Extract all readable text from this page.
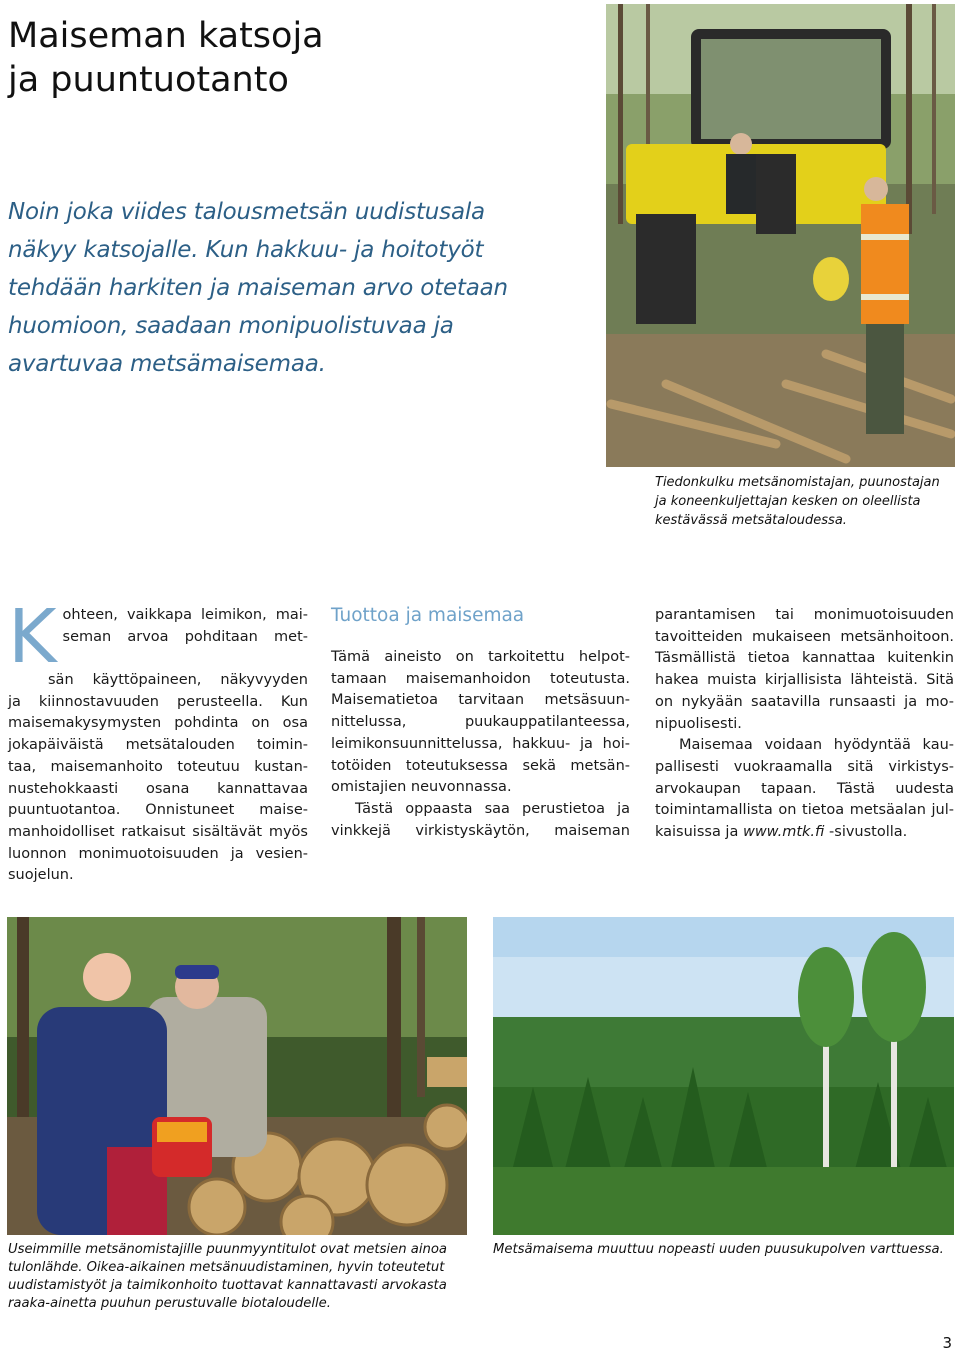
Maiseman katsoja
ja puuntuotanto

Noin joka viides talousmetsän uudistusala
näkyy katsojalle. Kun hakkuu- ja hoitotyöt
tehdään harkiten ja maiseman arvo otetaan
huomioon, saadaan monipuolistuvaa ja
avartuvaa metsämaisemaa.

Tiedonkulku metsänomistajan, puunostajan
ja koneenkuljettajan kesken on oleellista
kestävässä metsätaloudessa.

K ohteen, vaikkapa leimikon, mai-
seman arvoa pohditaan met-
sän käyttöpaineen, näkyvyyden
ja kiinnostavuuden perusteella. Kun
maisemakysymysten pohdinta on osa
jokapäiväistä metsätalouden toimin-
taa, maisemanhoito toteutuu kustan-
nustehokkaasti osana kannattavaa
puuntuotantoa. Onnistuneet maise-
manhoidolliset ratkaisut sisältävät myös
luonnon monimuotoisuuden ja vesien-
suojelun.
Tuottoa ja maisemaa
Tämä aineisto on tarkoitettu helpot-
tamaan maisemanhoidon toteutusta.
Maisematietoa tarvitaan metsäsuun-
nittelussa, puukauppatilanteessa,
leimikonsuunnittelussa, hakkuu- ja hoi-
totöiden toteutuksessa sekä metsän-
omistajien neuvonnassa.
Tästä oppaasta saa perustietoa ja
vinkkejä virkistyskäytön, maiseman
parantamisen tai monimuotoisuuden
tavoitteiden mukaiseen metsänhoitoon.
Täsmällistä tietoa kannattaa kuitenkin
hakea muista kirjallisista lähteistä. Sitä
on nykyään saatavilla runsaasti ja mo-
nipuolisesti.
Maisemaa voidaan hyödyntää kau-
pallisesti vuokraamalla sitä virkistys-
arvokaupan tapaan. Tästä uudesta
toimintamallista on tietoa metsäalan jul-
kaisuissa ja www.mtk.fi -sivustolla.

Useimmille metsänomistajille puunmyyntitulot ovat metsien ainoa
tulonlähde. Oikea-aikainen metsänuudistaminen, hyvin toteutetut
uudistamistyöt ja taimikonhoito tuottavat kannattavasti arvokasta
raaka-ainetta puuhun perustuvalle biotaloudelle.

Metsämaisema muuttuu nopeasti uuden puusukupolven varttuessa.

3
